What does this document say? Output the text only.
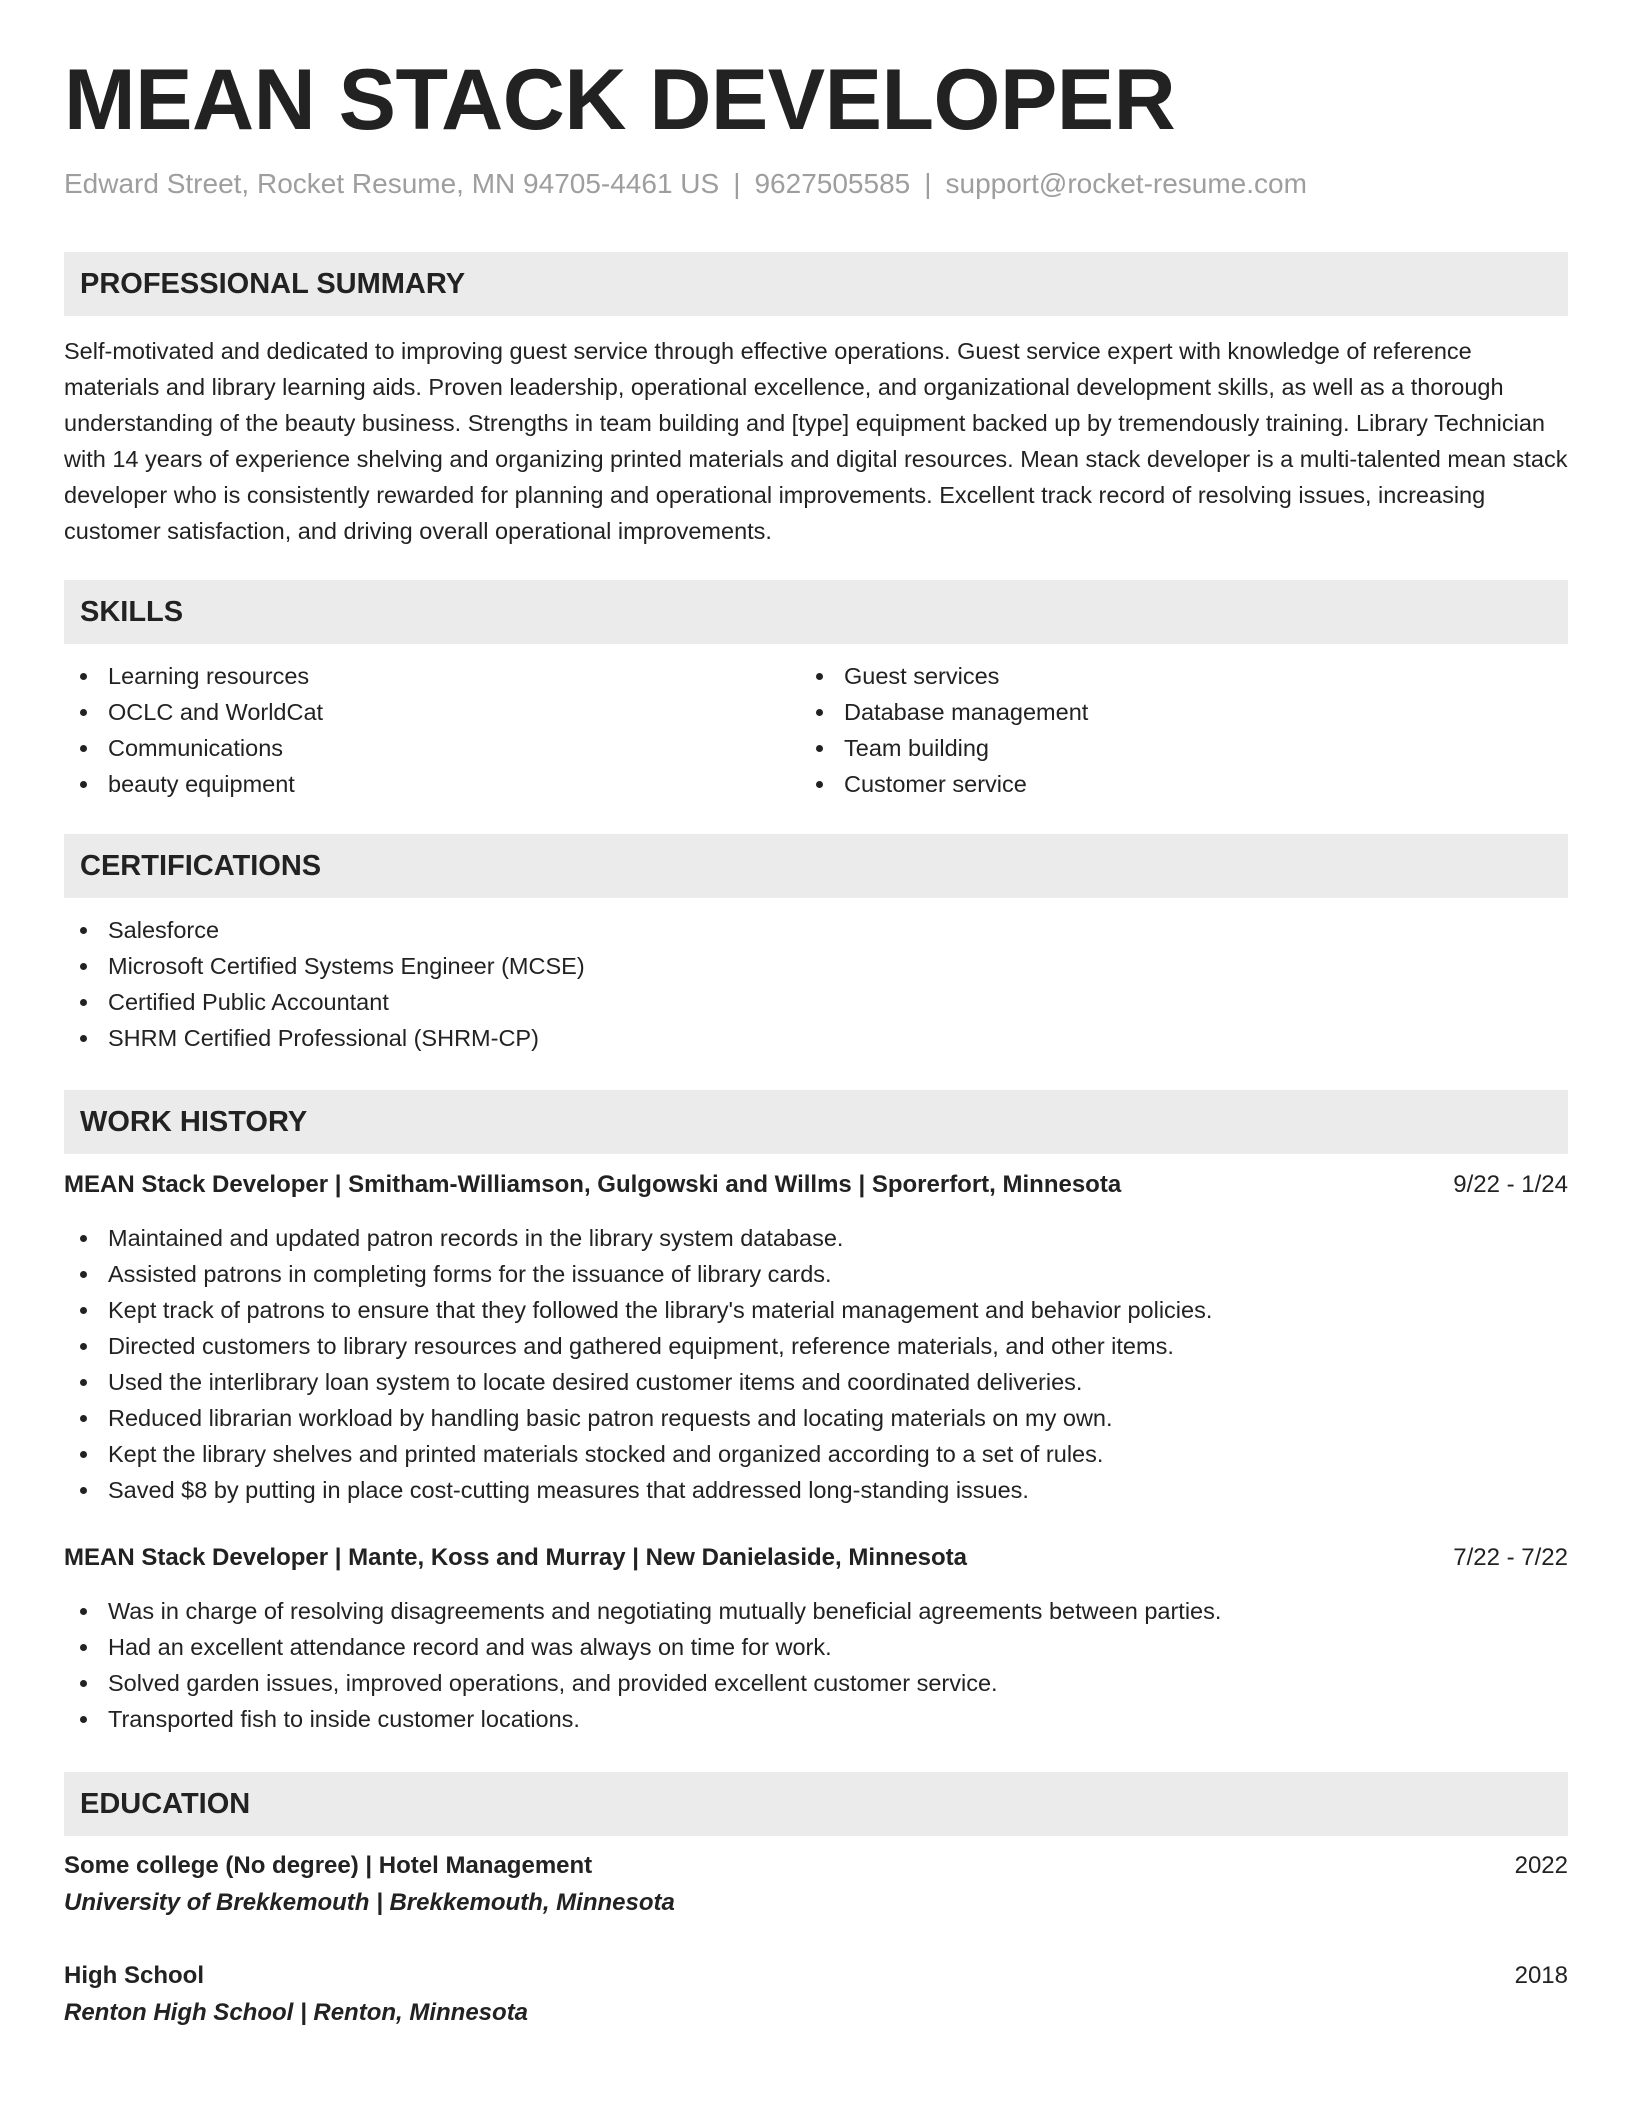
MEAN STACK DEVELOPER
Edward Street, Rocket Resume, MN 94705-4461 US | 9627505585 | support@rocket-resume.com
PROFESSIONAL SUMMARY

Self-motivated and dedicated to improving guest service through effective operations. Guest service expert with knowledge of reference materials and library learning aids. Proven leadership, operational excellence, and organizational development skills, as well as a thorough understanding of the beauty business. Strengths in team building and [type] equipment backed up by tremendously training. Library Technician with 14 years of experience shelving and organizing printed materials and digital resources. Mean stack developer is a multi-talented mean stack developer who is consistently rewarded for planning and operational improvements. Excellent track record of resolving issues, increasing customer satisfaction, and driving overall operational improvements.

SKILLS
Learning resources
OCLC and WorldCat
Communications
beauty equipment
Guest services
Database management
Team building
Customer service
CERTIFICATIONS
Salesforce
Microsoft Certified Systems Engineer (MCSE)
Certified Public Accountant
SHRM Certified Professional (SHRM-CP)
WORK HISTORY
MEAN Stack Developer | Smitham-Williamson, Gulgowski and Willms | Sporerfort, Minnesota	9/22 - 1/24
Maintained and updated patron records in the library system database.
Assisted patrons in completing forms for the issuance of library cards.
Kept track of patrons to ensure that they followed the library's material management and behavior policies.
Directed customers to library resources and gathered equipment, reference materials, and other items.
Used the interlibrary loan system to locate desired customer items and coordinated deliveries.
Reduced librarian workload by handling basic patron requests and locating materials on my own.
Kept the library shelves and printed materials stocked and organized according to a set of rules.
Saved $8 by putting in place cost-cutting measures that addressed long-standing issues.
MEAN Stack Developer | Mante, Koss and Murray | New Danielaside, Minnesota	7/22 - 7/22
Was in charge of resolving disagreements and negotiating mutually beneficial agreements between parties.
Had an excellent attendance record and was always on time for work.
Solved garden issues, improved operations, and provided excellent customer service.
Transported fish to inside customer locations.
EDUCATION
Some college (No degree) | Hotel Management	2022
University of Brekkemouth | Brekkemouth, Minnesota
High School	2018
Renton High School | Renton, Minnesota
